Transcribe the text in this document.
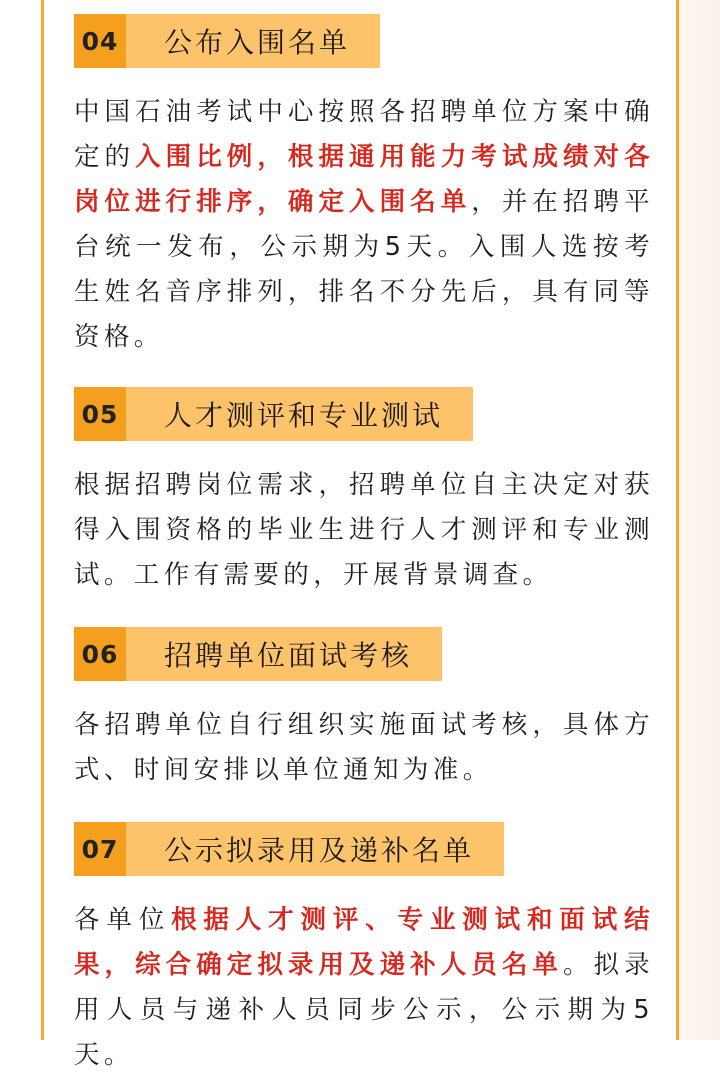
04	公布入围名单
中国石油考试中心按照各招聘单位方案中确定的入围比例，根据通用能力考试成绩对各岗位进行排序，确定入围名单，并在招聘平台统一发布，公示期为5天。入围人选按考生姓名音序排列，排名不分先后，具有同等资格。
05	人才测评和专业测试
根据招聘岗位需求，招聘单位自主决定对获得入围资格的毕业生进行人才测评和专业测试。工作有需要的，开展背景调查。
06	招聘单位面试考核
各招聘单位自行组织实施面试考核，具体方式、时间安排以单位通知为准。
07	公示拟录用及递补名单
各单位根据人才测评、专业测试和面试结果，综合确定拟录用及递补人员名单。拟录用人员与递补人员同步公示，公示期为5天。
